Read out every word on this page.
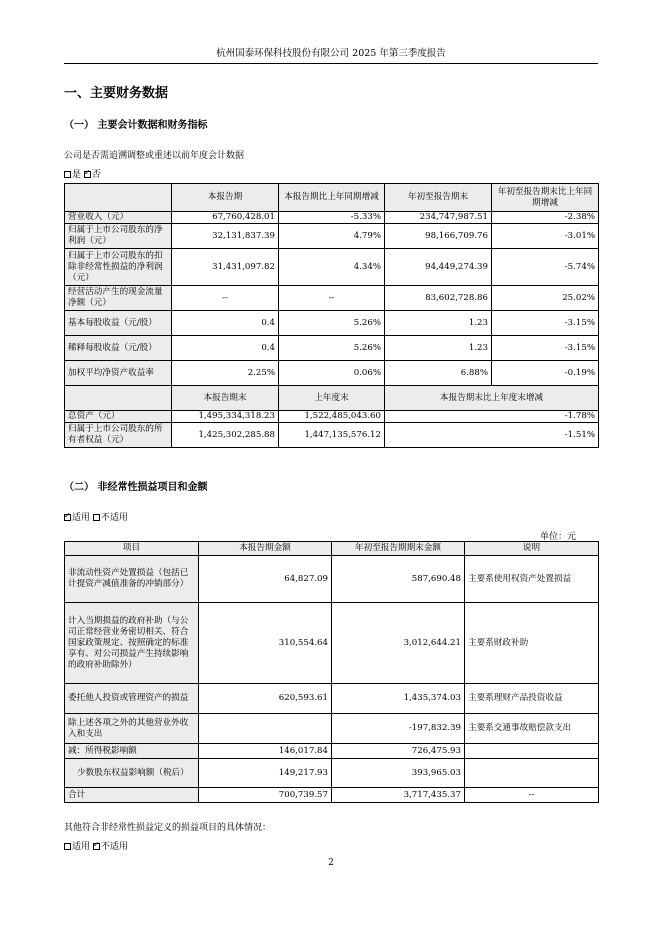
杭州国泰环保科技股份有限公司 2025 年第三季度报告
一、主要财务数据
（一） 主要会计数据和财务指标
公司是否需追溯调整或重述以前年度会计数据
是 ✓ 否
	本报告期	本报告期比上年同期增减	年初至报告期末	年初至报告期末比上年同期增减
营业收入（元）	67,760,428.01	-5.33%	234,747,987.51	-2.38%
归属于上市公司股东的净利润（元）	32,131,837.39	4.79%	98,166,709.76	-3.01%
归属于上市公司股东的扣除非经常性损益的净利润（元）	31,431,097.82	4.34%	94,449,274.39	-5.74%
经营活动产生的现金流量净额（元）	--	--	83,602,728.86	25.02%
基本每股收益（元/股）	0.4	5.26%	1.23	-3.15%
稀释每股收益（元/股）	0.4	5.26%	1.23	-3.15%
加权平均净资产收益率	2.25%	0.06%	6.88%	-0.19%
	本报告期末	上年度末	本报告期末比上年度末增减	
总资产（元）	1,495,334,318.23	1,522,485,043.60	-1.78%	
归属于上市公司股东的所有者权益（元）	1,425,302,285.88	1,447,135,576.12	-1.51%	
（二） 非经常性损益项目和金额
✓适用 不适用
单位：元
项目	本报告期金额	年初至报告期期末金额	说明
非流动性资产处置损益（包括已计提资产减值准备的冲销部分）	64,827.09	587,690.48	主要系使用权资产处置损益
计入当期损益的政府补助（与公司正常经营业务密切相关、符合国家政策规定、按照确定的标准享有、对公司损益产生持续影响的政府补助除外）	310,554.64	3,012,644.21	主要系财政补助
委托他人投资或管理资产的损益	620,593.61	1,435,374.03	主要系理财产品投资收益
除上述各项之外的其他营业外收入和支出		-197,832.39	主要系交通事故赔偿款支出
减：所得税影响额	146,017.84	726,475.93	
少数股东权益影响额（税后）	149,217.93	393,965.03	
合计	700,739.57	3,717,435.37	--
其他符合非经常性损益定义的损益项目的具体情况：
适用 ✓ 不适用
2
